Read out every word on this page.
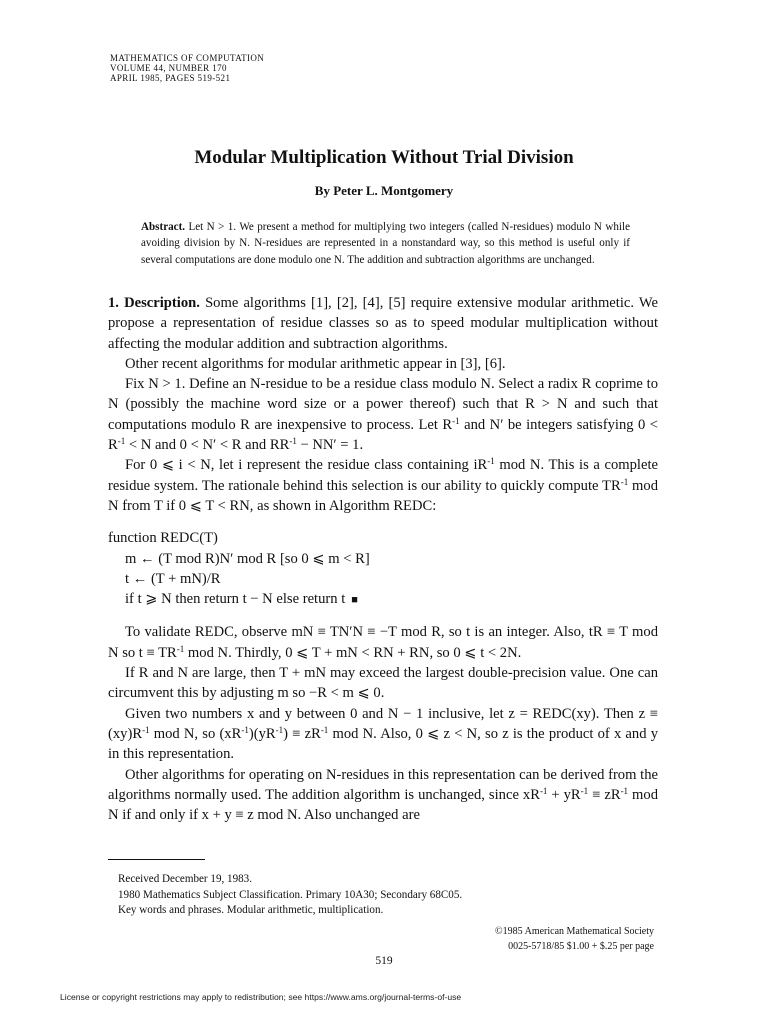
MATHEMATICS OF COMPUTATION
VOLUME 44, NUMBER 170
APRIL 1985, PAGES 519-521
Modular Multiplication Without Trial Division
By Peter L. Montgomery
Abstract. Let N > 1. We present a method for multiplying two integers (called N-residues) modulo N while avoiding division by N. N-residues are represented in a nonstandard way, so this method is useful only if several computations are done modulo one N. The addition and subtraction algorithms are unchanged.

1. Description. Some algorithms [1], [2], [4], [5] require extensive modular arithmetic. We propose a representation of residue classes so as to speed modular multiplication without affecting the modular addition and subtraction algorithms.

Other recent algorithms for modular arithmetic appear in [3], [6].

Fix N > 1. Define an N-residue to be a residue class modulo N. Select a radix R coprime to N (possibly the machine word size or a power thereof) such that R > N and such that computations modulo R are inexpensive to process. Let $R^{-1}$ and N′ be integers satisfying $0 < R^{-1} < N$ and 0 < N′ < R and $RR^{-1} - NN' = 1$.

For 0 ⩽ i < N, let i represent the residue class containing $iR^{-1}$ mod N. This is a complete residue system. The rationale behind this selection is our ability to quickly compute $TR^{-1}$ mod N from T if 0 ⩽ T < RN, as shown in Algorithm REDC:

function REDC(T)
m ← (T mod R)N′ mod R [so 0 ⩽ m < R]
t ← (T + mN)/R
if t ⩾ N then return t − N else return t ■

To validate REDC, observe mN ≡ TN′N ≡ −T mod R, so t is an integer. Also, tR ≡ T mod N so $t \equiv TR^{-1}$ mod N. Thirdly, 0 ⩽ T + mN < RN + RN, so 0 ⩽ t < 2N.

If R and N are large, then T + mN may exceed the largest double-precision value. One can circumvent this by adjusting m so −R < m ⩽ 0.

Given two numbers x and y between 0 and N − 1 inclusive, let z = REDC(xy). Then $z \equiv (xy)R^{-1}$ mod N, so $(xR^{-1})(yR^{-1}) \equiv zR^{-1}$ mod N. Also, 0 ⩽ z < N, so z is the product of x and y in this representation.

Other algorithms for operating on N-residues in this representation can be derived from the algorithms normally used. The addition algorithm is unchanged, since $xR^{-1} + yR^{-1} \equiv zR^{-1}$ mod N if and only if x + y ≡ z mod N. Also unchanged are

Received December 19, 1983.

1980 Mathematics Subject Classification. Primary 10A30; Secondary 68C05.

Key words and phrases. Modular arithmetic, multiplication.

©1985 American Mathematical Society
0025-5718/85 $1.00 + $.25 per page
519
License or copyright restrictions may apply to redistribution; see https://www.ams.org/journal-terms-of-use
